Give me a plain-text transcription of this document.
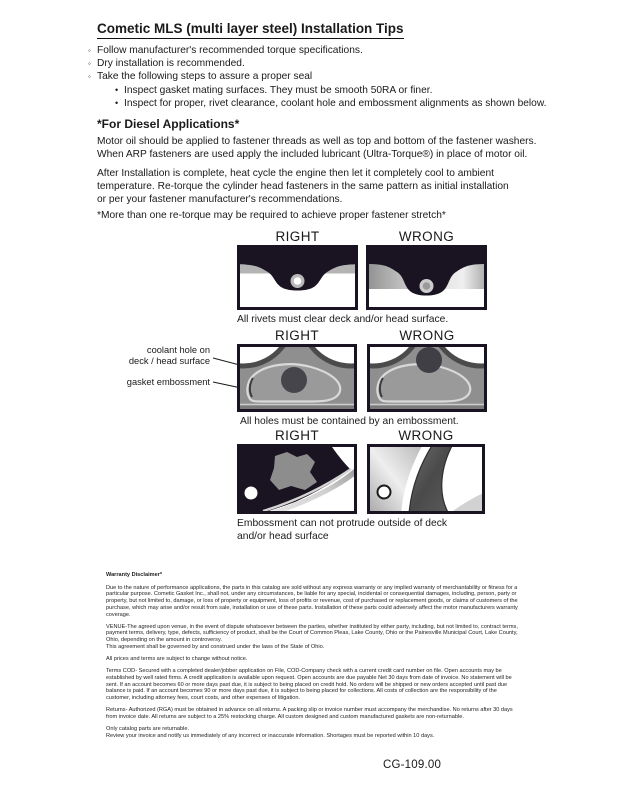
Cometic MLS (multi layer steel) Installation Tips
◦ Follow manufacturer's recommended torque specifications.
◦ Dry installation is recommended.
◦ Take the following steps to assure a proper seal
• Inspect gasket mating surfaces. They must be smooth 50RA or finer.
• Inspect for proper, rivet clearance, coolant hole and embossment alignments as shown below.
*For Diesel Applications*
Motor oil should be applied to fastener threads as well as top and bottom of the fastener washers.
When ARP fasteners are used apply the included lubricant (Ultra-Torque®) in place of motor oil.
After Installation is complete, heat cycle the engine then let it completely cool to ambient
temperature. Re-torque the cylinder head fasteners in the same pattern as initial installation
or per your fastener manufacturer's recommendations.
*More than one re-torque may be required to achieve proper fastener stretch*
RIGHT	WRONG
All rivets must clear deck and/or head surface.
RIGHT	WRONG
coolant hole on
deck / head surface
gasket embossment
All holes must be contained by an embossment.
RIGHT	WRONG
Embossment can not protrude outside of deck
and/or head surface
Warranty Disclaimer*

Due to the nature of performance applications, the parts in this catalog are sold without any express warranty or any implied warranty of merchantability or fitness for a particular purpose. Cometic Gasket Inc., shall not, under any circumstances, be liable for any special, incidental or consequential damages, including, person, party or property, but not limited to, damage, or loss of property or equipment, loss of profits or revenue, cost of purchased or replacement goods, or claims of customers of the purchase, which may arise and/or result from sale, installation or use of these parts. Installation of these parts could adversely affect the motor manufacturers warranty coverage.

VENUE-The agreed upon venue, in the event of dispute whatsoever between the parties, whether instituted by either party, including, but not limited to, contract terms, payment terms, delivery, type, defects, sufficiency of product, shall be the Court of Common Pleas, Lake County, Ohio or the Painesville Municipal Court, Lake County, Ohio, depending on the amount in controversy.
This agreement shall be governed by and construed under the laws of the State of Ohio.

All prices and terms are subject to change without notice.

Terms COD- Secured with a completed dealer/jobber application on File, COD-Company check with a current credit card number on file. Open accounts may be established by well rated firms. A credit application is available upon request. Open accounts are due payable Net 30 days from date of invoice. No statement will be sent. If an account becomes 60 or more days past due, it is subject to being placed on credit hold. No orders will be shipped or new orders accepted until past due balance is paid. If an account becomes 90 or more days past due, it is subject to being placed for collections. All costs of collection are the responsibility of the customer, including attorney fees, court costs, and other expenses of litigation.

Returns- Authorized (RGA) must be obtained in advance on all returns. A packing slip or invoice number must accompany the merchandise. No returns after 30 days from invoice date. All returns are subject to a 25% restocking charge. All custom designed and custom manufactured gaskets are non-returnable.

Only catalog parts are returnable.
Review your invoice and notify us immediately of any incorrect or inaccurate information. Shortages must be reported within 10 days.

CG-109.00
